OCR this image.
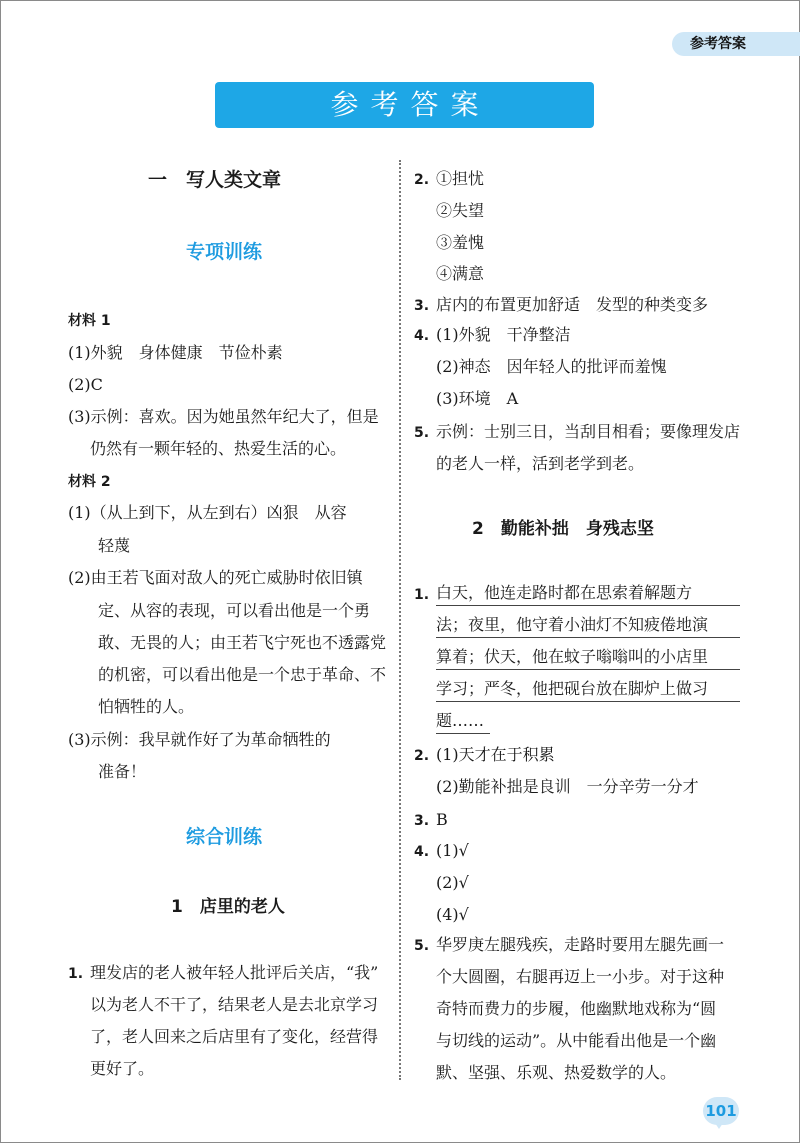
参考答案
参考答案
一　写人类文章
专项训练
材料 1
(1)外貌　身体健康　节俭朴素
(2)C
(3)示例：喜欢。因为她虽然年纪大了，但是
仍然有一颗年轻的、热爱生活的心。
材料 2
(1)（从上到下，从左到右）凶狠　从容
轻蔑
(2)由王若飞面对敌人的死亡威胁时依旧镇
定、从容的表现，可以看出他是一个勇
敢、无畏的人；由王若飞宁死也不透露党
的机密，可以看出他是一个忠于革命、不
怕牺牲的人。
(3)示例：我早就作好了为革命牺牲的
准备！
综合训练
1　店里的老人
1. 理发店的老人被年轻人批评后关店，“我”
以为老人不干了，结果老人是去北京学习
了，老人回来之后店里有了变化，经营得
更好了。
2. ①担忧
②失望
③羞愧
④满意
3. 店内的布置更加舒适　发型的种类变多
4. (1)外貌　干净整洁
(2)神态　因年轻人的批评而羞愧
(3)环境　A
5. 示例：士别三日，当刮目相看；要像理发店
的老人一样，活到老学到老。
2　勤能补拙　身残志坚
1. 白天，他连走路时都在思索着解题方
法；夜里，他守着小油灯不知疲倦地演
算着；伏天，他在蚊子嗡嗡叫的小店里
学习；严冬，他把砚台放在脚炉上做习
题……
2. (1)天才在于积累
(2)勤能补拙是良训　一分辛劳一分才
3. B
4. (1)√
(2)√
(4)√
5. 华罗庚左腿残疾，走路时要用左腿先画一
个大圆圈，右腿再迈上一小步。对于这种
奇特而费力的步履，他幽默地戏称为“圆
与切线的运动”。从中能看出他是一个幽
默、坚强、乐观、热爱数学的人。
101
